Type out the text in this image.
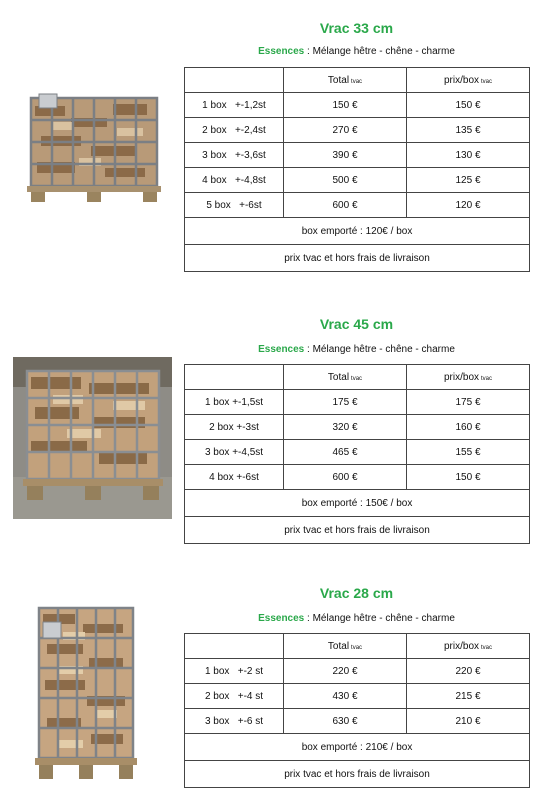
Vrac 33 cm
Essences : Mélange hêtre - chêne - charme
	Total tvac	prix/box tvac
1 box   +-1,2st	150 €	150 €
2 box   +-2,4st	270 €	135 €
3 box   +-3,6st	390 €	130 €
4 box   +-4,8st	500 €	125 €
5 box   +-6st	600 €	120 €
box emporté : 120€ / box		
prix tvac et hors frais de livraison		
Vrac 45 cm
Essences : Mélange hêtre - chêne - charme
	Total tvac	prix/box tvac
1 box +-1,5st	175 €	175 €
2 box +-3st	320 €	160 €
3 box +-4,5st	465 €	155 €
4 box +-6st	600 €	150 €
box emporté : 150€ / box		
prix tvac et hors frais de livraison		
Vrac 28 cm
Essences : Mélange hêtre - chêne - charme
	Total tvac	prix/box tvac
1 box   +-2 st	220 €	220 €
2 box   +-4 st	430 €	215 €
3 box   +-6 st	630 €	210 €
box emporté : 210€ / box		
prix tvac et hors frais de livraison		
